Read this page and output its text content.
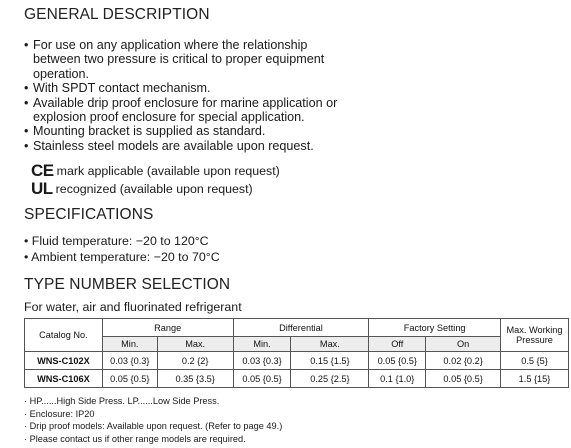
GENERAL DESCRIPTION
• For use on any application where the relationship
between two pressure is critical to proper equipment
operation.
• With SPDT contact mechanism.
• Available drip proof enclosure for marine application or
explosion proof enclosure for special application.
• Mounting bracket is supplied as standard.
• Stainless steel models are available upon request.
CE mark applicable (available upon request)
UL recognized (available upon request)
SPECIFICATIONS
• Fluid temperature: −20 to 120°C
• Ambient temperature: −20 to 70°C
TYPE NUMBER SELECTION
For water, air and fluorinated refrigerant
Catalog No.	Range		Differential		Factory Setting		Max. Working Pressure
	Min.	Max.	Min.	Max.	Off	On	
WNS-C102X	0.03 {0.3}	0.2 {2}	0.03 {0.3}	0.15 {1.5}	0.05 {0.5}	0.02 {0.2}	0.5 {5}
WNS-C106X	0.05 {0.5}	0.35 {3.5}	0.05 {0.5}	0.25 {2.5}	0.1 {1.0}	0.05 {0.5}	1.5 {15}
· HP......High Side Press. LP......Low Side Press.
· Enclosure: IP20
· Drip proof models: Available upon request. (Refer to page 49.)
· Please contact us if other range models are required.
